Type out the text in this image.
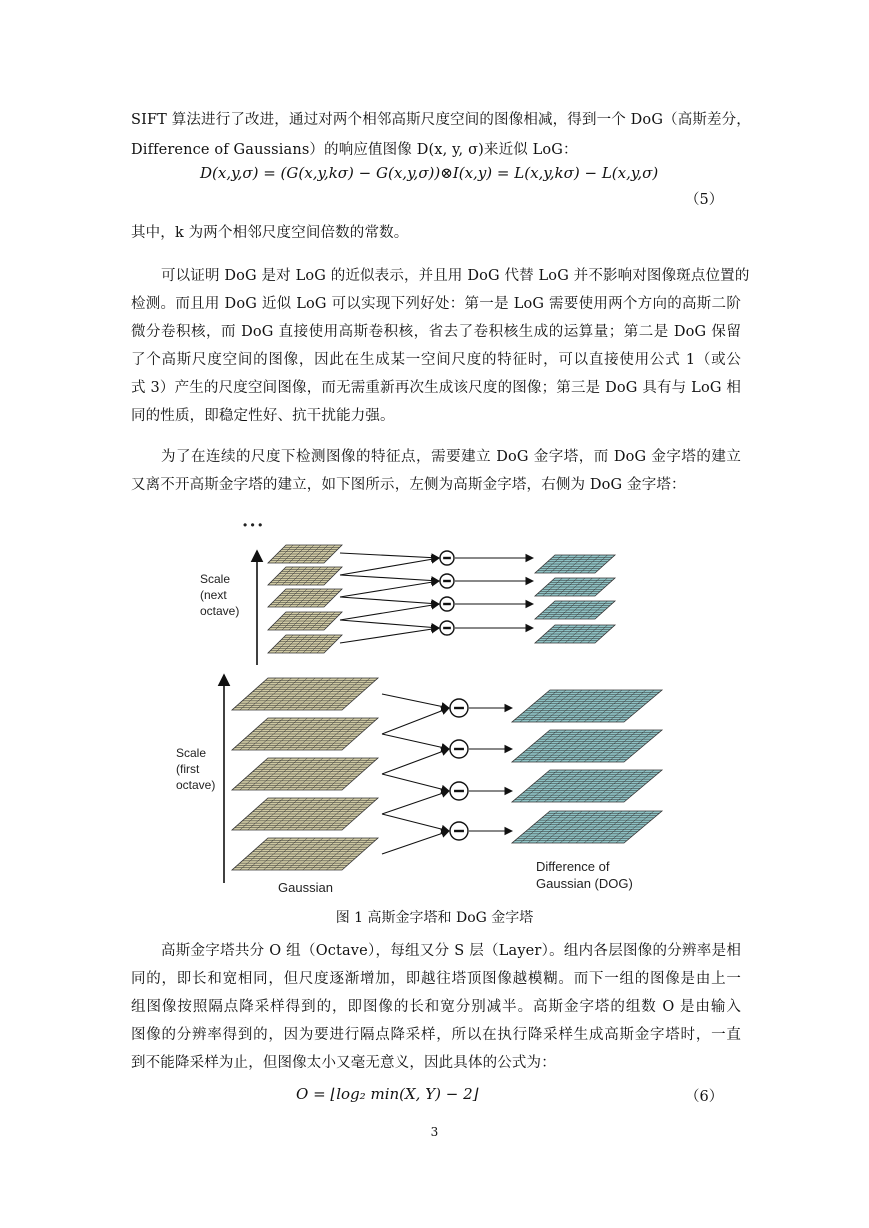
SIFT 算法进行了改进，通过对两个相邻高斯尺度空间的图像相减，得到一个 DoG（高斯差分，
Difference of Gaussians）的响应值图像 D(x, y, σ)来近似 LoG：
D(x,y,σ) = (G(x,y,kσ) − G(x,y,σ))⊗I(x,y) = L(x,y,kσ) − L(x,y,σ)
（5）
其中，k 为两个相邻尺度空间倍数的常数。
可以证明 DoG 是对 LoG 的近似表示，并且用 DoG 代替 LoG 并不影响对图像斑点位置的
检测。而且用 DoG 近似 LoG 可以实现下列好处：第一是 LoG 需要使用两个方向的高斯二阶
微分卷积核，而 DoG 直接使用高斯卷积核，省去了卷积核生成的运算量；第二是 DoG 保留
了个高斯尺度空间的图像，因此在生成某一空间尺度的特征时，可以直接使用公式 1（或公
式 3）产生的尺度空间图像，而无需重新再次生成该尺度的图像；第三是 DoG 具有与 LoG 相
同的性质，即稳定性好、抗干扰能力强。
为了在连续的尺度下检测图像的特征点，需要建立 DoG 金字塔，而 DoG 金字塔的建立
又离不开高斯金字塔的建立，如下图所示，左侧为高斯金字塔，右侧为 DoG 金字塔：
• • •
Scale
(next
octave)
Scale
(first
octave)
Gaussian
Difference of
Gaussian (DOG)
图 1 高斯金字塔和 DoG 金字塔
高斯金字塔共分 O 组（Octave），每组又分 S 层（Layer）。组内各层图像的分辨率是相
同的，即长和宽相同，但尺度逐渐增加，即越往塔顶图像越模糊。而下一组的图像是由上一
组图像按照隔点降采样得到的，即图像的长和宽分别减半。高斯金字塔的组数 O 是由输入
图像的分辨率得到的，因为要进行隔点降采样，所以在执行降采样生成高斯金字塔时，一直
到不能降采样为止，但图像太小又毫无意义，因此具体的公式为：
O = ⌊log₂ min(X, Y) − 2⌋	（6）
3
